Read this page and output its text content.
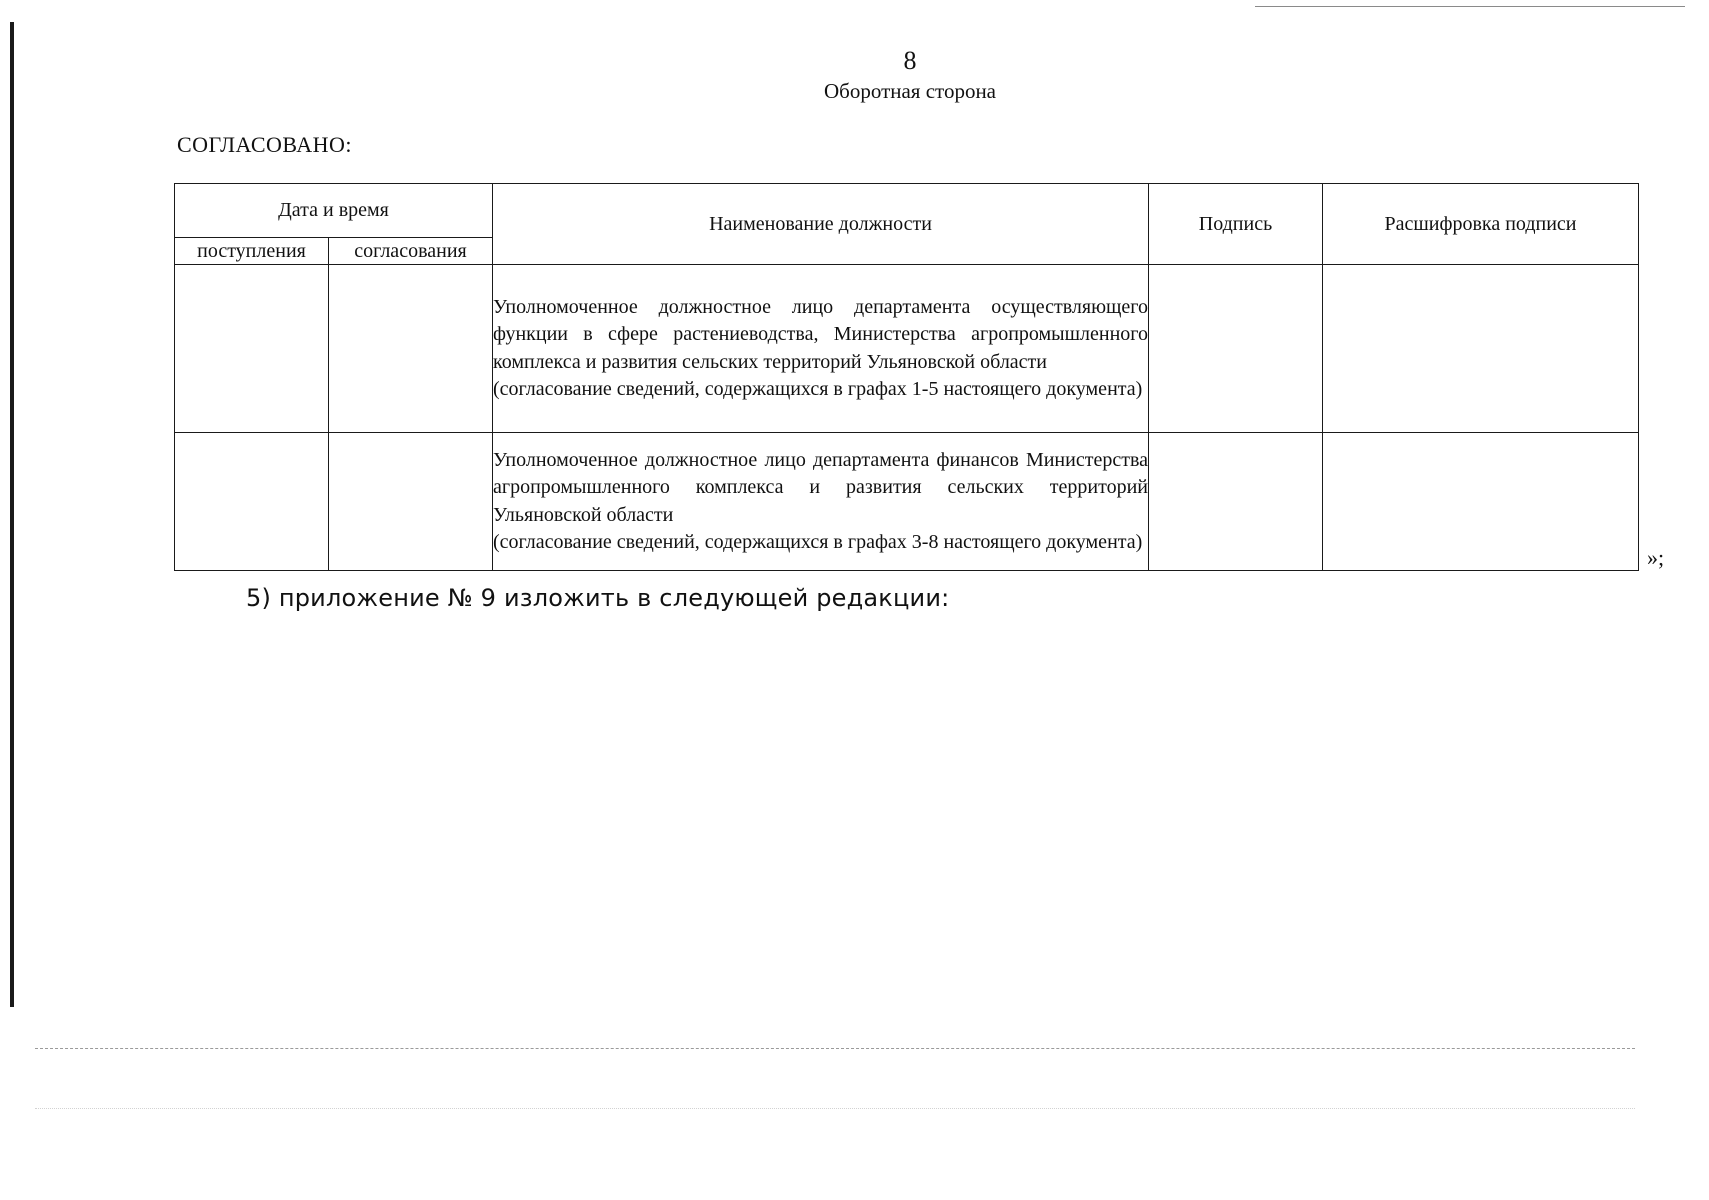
8
Оборотная сторона
СОГЛАСОВАНО:
Дата и время		Наименование должности	Подпись	Расшифровка подписи
поступления	согласования			

		Уполномоченное должностное лицо департамента осуществляющего функции в сфере растениеводства, Министерства агропромышленного комплекса и развития сельских территорий Ульяновской области
(согласование сведений, содержащихся в графах 1-5 настоящего документа)		

		Уполномоченное должностное лицо департамента финансов Министерства агропромышленного комплекса и развития сельских территорий Ульяновской области
(согласование сведений, содержащихся в графах 3-8 настоящего документа)		

»;
5) приложение № 9 изложить в следующей редакции:
